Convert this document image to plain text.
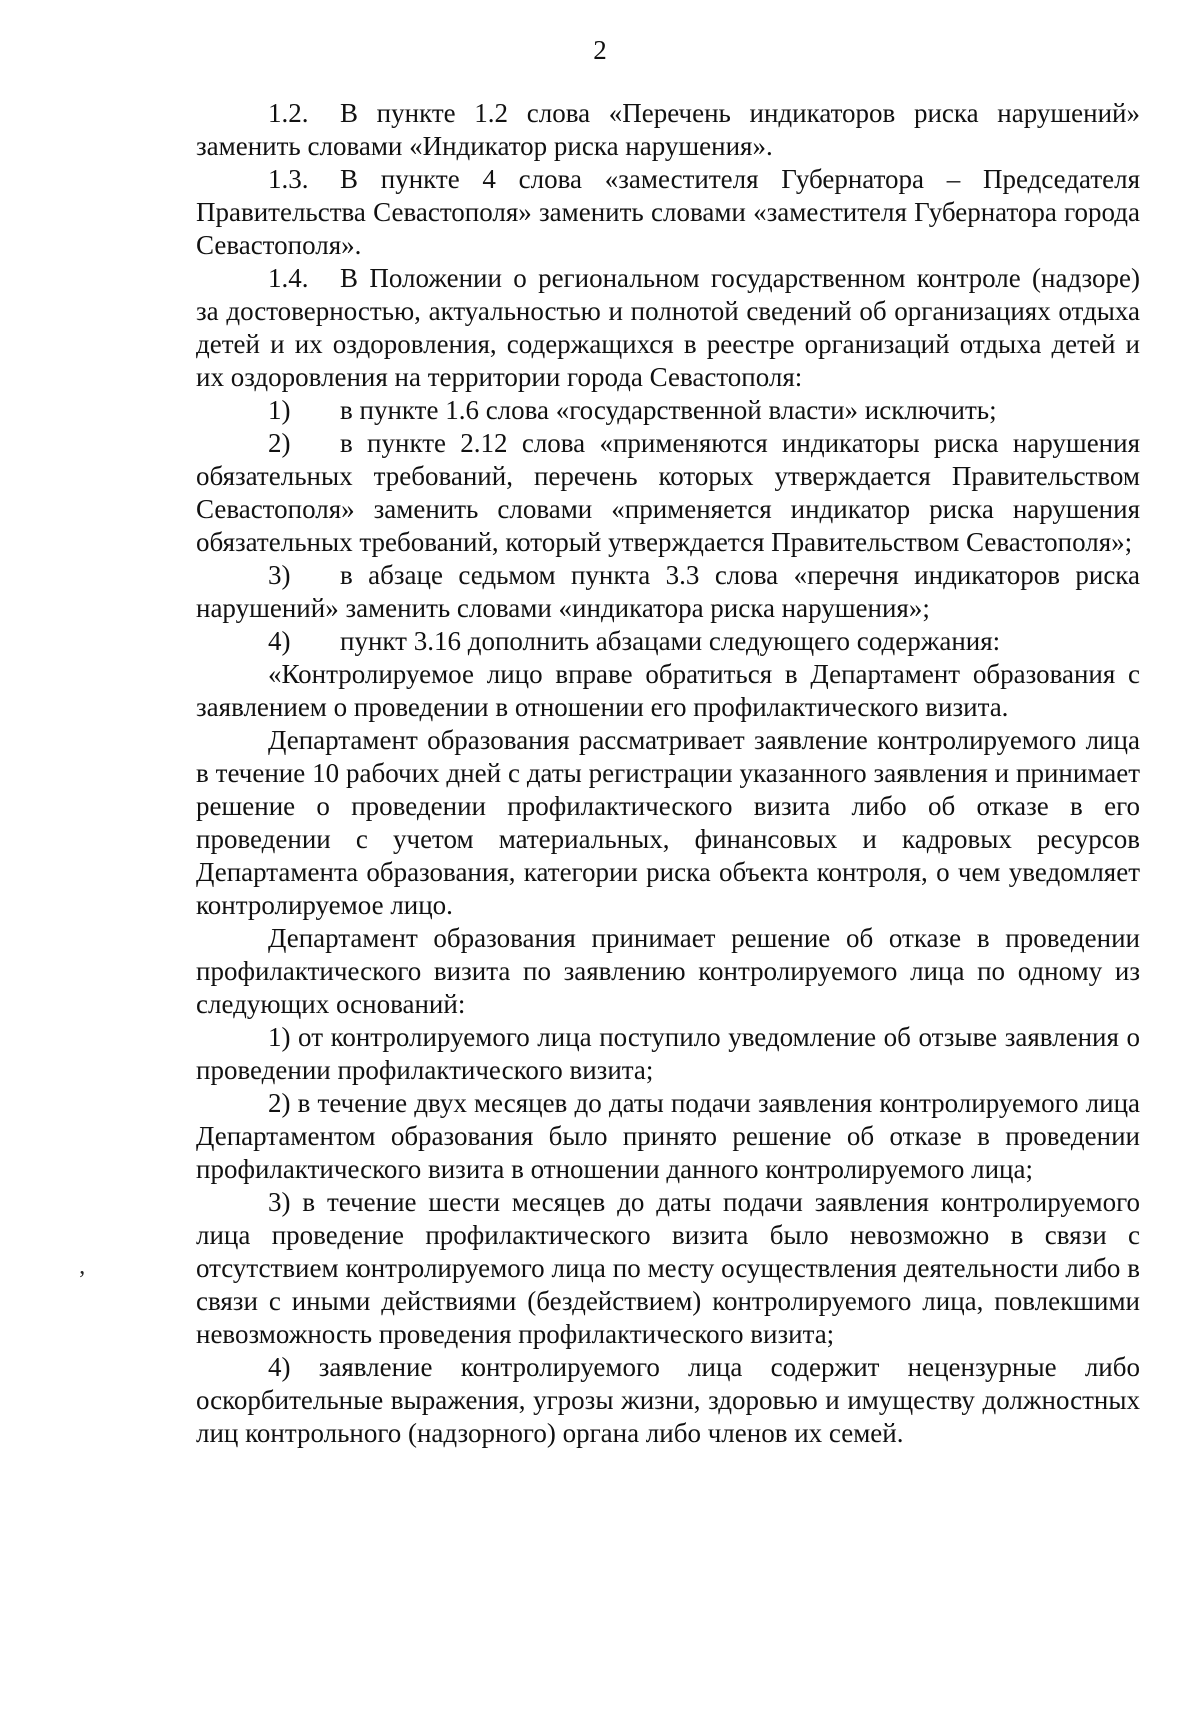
2
’

1.2. В пункте 1.2 слова «Перечень индикаторов риска нарушений» заменить словами «Индикатор риска нарушения».

1.3. В пункте 4 слова «заместителя Губернатора – Председателя Правительства Севастополя» заменить словами «заместителя Губернатора города Севастополя».

1.4. В Положении о региональном государственном контроле (надзоре) за достоверностью, актуальностью и полнотой сведений об организациях отдыха детей и их оздоровления, содержащихся в реестре организаций отдыха детей и их оздоровления на территории города Севастополя:

1) в пункте 1.6 слова «государственной власти» исключить;

2) в пункте 2.12 слова «применяются индикаторы риска нарушения обязательных требований, перечень которых утверждается Правительством Севастополя» заменить словами «применяется индикатор риска нарушения обязательных требований, который утверждается Правительством Севастополя»;

3) в абзаце седьмом пункта 3.3 слова «перечня индикаторов риска нарушений» заменить словами «индикатора риска нарушения»;

4) пункт 3.16 дополнить абзацами следующего содержания:

«Контролируемое лицо вправе обратиться в Департамент образования с заявлением о проведении в отношении его профилактического визита.

Департамент образования рассматривает заявление контролируемого лица в течение 10 рабочих дней с даты регистрации указанного заявления и принимает решение о проведении профилактического визита либо об отказе в его проведении с учетом материальных, финансовых и кадровых ресурсов Департамента образования, категории риска объекта контроля, о чем уведомляет контролируемое лицо.

Департамент образования принимает решение об отказе в проведении профилактического визита по заявлению контролируемого лица по одному из следующих оснований:

1) от контролируемого лица поступило уведомление об отзыве заявления о проведении профилактического визита;

2) в течение двух месяцев до даты подачи заявления контролируемого лица Департаментом образования было принято решение об отказе в проведении профилактического визита в отношении данного контролируемого лица;

3) в течение шести месяцев до даты подачи заявления контролируемого лица проведение профилактического визита было невозможно в связи с отсутствием контролируемого лица по месту осуществления деятельности либо в связи с иными действиями (бездействием) контролируемого лица, повлекшими невозможность проведения профилактического визита;

4) заявление контролируемого лица содержит нецензурные либо оскорбительные выражения, угрозы жизни, здоровью и имуществу должностных лиц контрольного (надзорного) органа либо членов их семей.
